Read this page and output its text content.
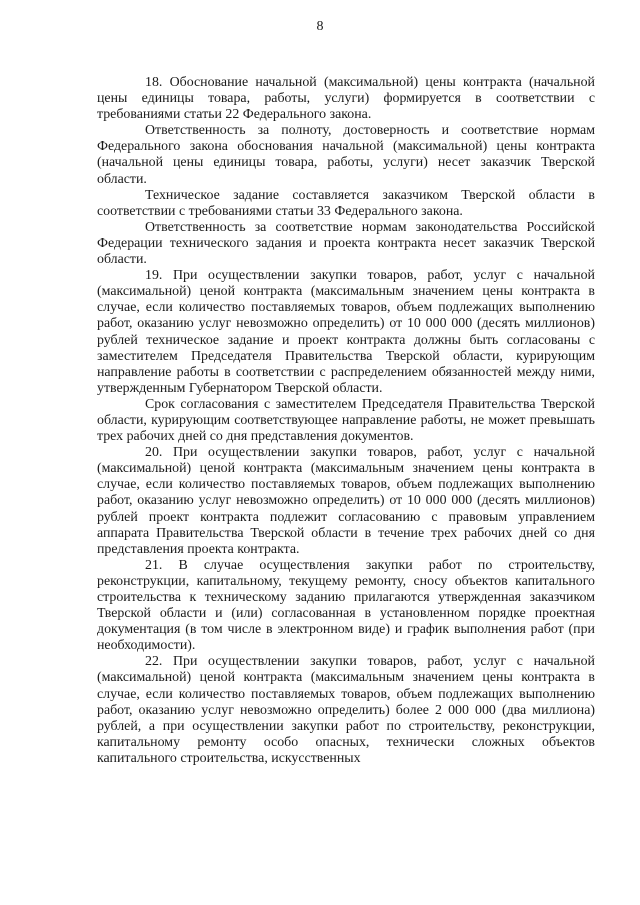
8

18. Обоснование начальной (максимальной) цены контракта (начальной цены единицы товара, работы, услуги) формируется в соответствии с требованиями статьи 22 Федерального закона.

Ответственность за полноту, достоверность и соответствие нормам Федерального закона обоснования начальной (максимальной) цены контракта (начальной цены единицы товара, работы, услуги) несет заказчик Тверской области.

Техническое задание составляется заказчиком Тверской области в соответствии с требованиями статьи 33 Федерального закона.

Ответственность за соответствие нормам законодательства Российской Федерации технического задания и проекта контракта несет заказчик Тверской области.

19. При осуществлении закупки товаров, работ, услуг с начальной (максимальной) ценой контракта (максимальным значением цены контракта в случае, если количество поставляемых товаров, объем подлежащих выполнению работ, оказанию услуг невозможно определить) от 10 000 000 (десять миллионов) рублей техническое задание и проект контракта должны быть согласованы с заместителем Председателя Правительства Тверской области, курирующим направление работы в соответствии с распределением обязанностей между ними, утвержденным Губернатором Тверской области.

Срок согласования с заместителем Председателя Правительства Тверской области, курирующим соответствующее направление работы, не может превышать трех рабочих дней со дня представления документов.

20. При осуществлении закупки товаров, работ, услуг с начальной (максимальной) ценой контракта (максимальным значением цены контракта в случае, если количество поставляемых товаров, объем подлежащих выполнению работ, оказанию услуг невозможно определить) от 10 000 000 (десять миллионов) рублей проект контракта подлежит согласованию с правовым управлением аппарата Правительства Тверской области в течение трех рабочих дней со дня представления проекта контракта.

21. В случае осуществления закупки работ по строительству, реконструкции, капитальному, текущему ремонту, сносу объектов капитального строительства к техническому заданию прилагаются утвержденная заказчиком Тверской области и (или) согласованная в установленном порядке проектная документация (в том числе в электронном виде) и график выполнения работ (при необходимости).

22. При осуществлении закупки товаров, работ, услуг с начальной (максимальной) ценой контракта (максимальным значением цены контракта в случае, если количество поставляемых товаров, объем подлежащих выполнению работ, оказанию услуг невозможно определить) более 2 000 000 (два миллиона) рублей, а при осуществлении закупки работ по строительству, реконструкции, капитальному ремонту особо опасных, технически сложных объектов капитального строительства, искусственных
